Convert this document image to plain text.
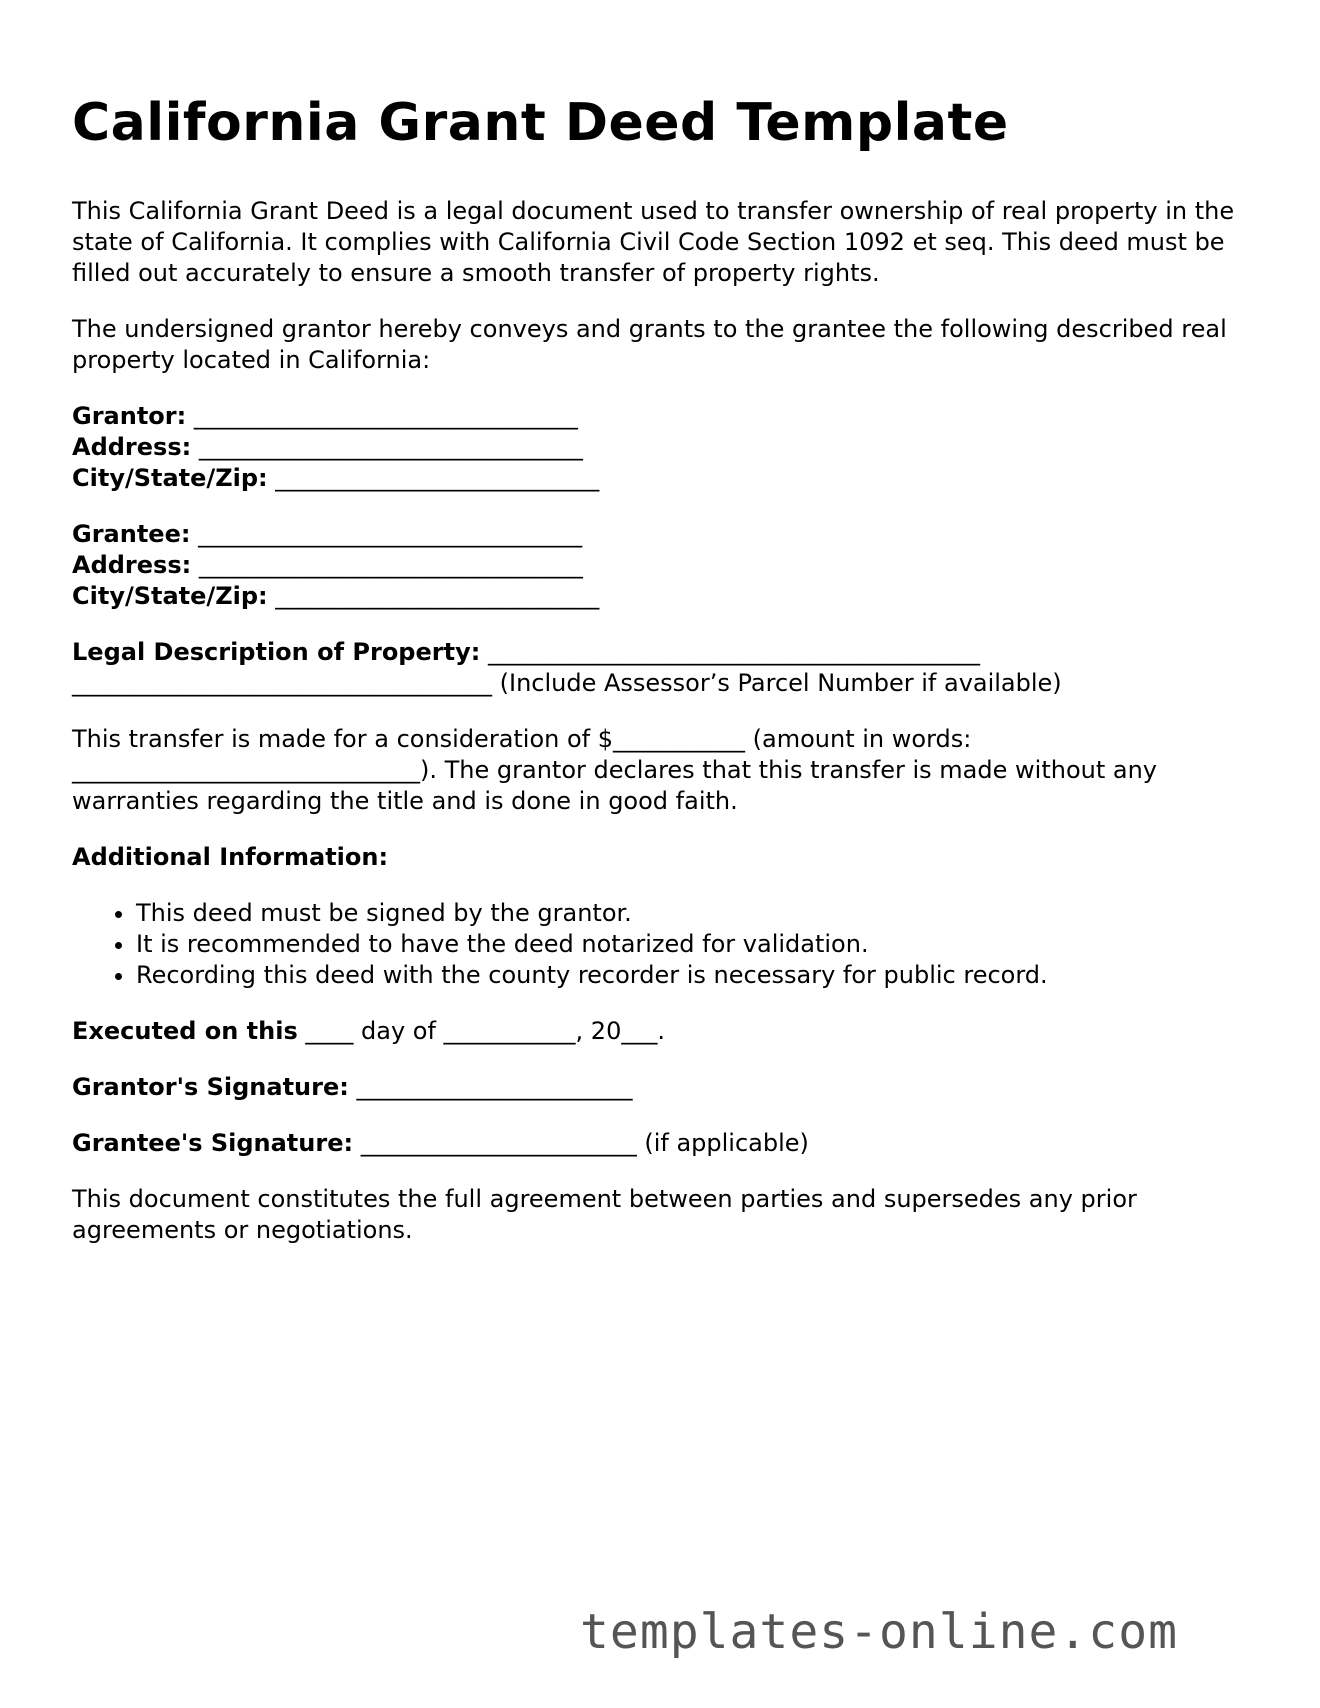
California Grant Deed Template

This California Grant Deed is a legal document used to transfer ownership of real property in the state of California. It complies with California Civil Code Section 1092 et seq. This deed must be filled out accurately to ensure a smooth transfer of property rights.

The undersigned grantor hereby conveys and grants to the grantee the following described real property located in California:

Grantor: ________________________________

Address: ________________________________

City/State/Zip: ___________________________

Grantee: ________________________________

Address: ________________________________

City/State/Zip: ___________________________

Legal Description of Property: _________________________________________
___________________________________ (Include Assessor’s Parcel Number if available)

This transfer is made for a consideration of $___________ (amount in words: _____________________________). The grantor declares that this transfer is made without any warranties regarding the title and is done in good faith.

Additional Information:

• This deed must be signed by the grantor.
• It is recommended to have the deed notarized for validation.
• Recording this deed with the county recorder is necessary for public record.

Executed on this ____ day of ___________, 20___.

Grantor's Signature: _______________________

Grantee's Signature: _______________________ (if applicable)

This document constitutes the full agreement between parties and supersedes any prior agreements or negotiations.

templates-online.com
